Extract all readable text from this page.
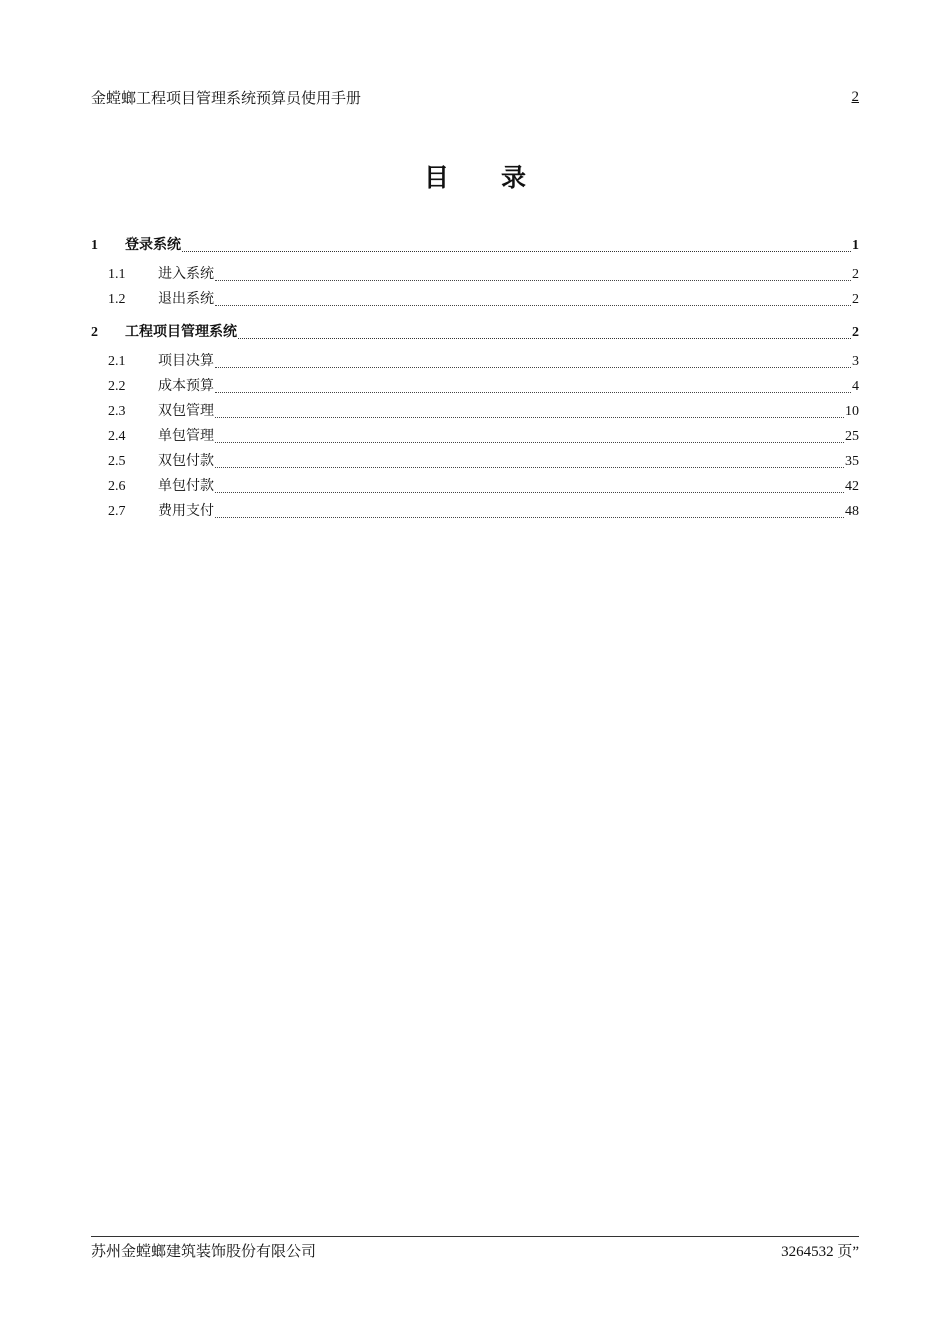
金螳螂工程项目管理系统预算员使用手册	2
目 录
1	登录系统	1
1.1	进入系统	2
1.2	退出系统	2
2	工程项目管理系统	2
2.1	项目决算	3
2.2	成本预算	4
2.3	双包管理	10
2.4	单包管理	25
2.5	双包付款	35
2.6	单包付款	42
2.7	费用支付	48
苏州金螳螂建筑装饰股份有限公司	3264532 页”
